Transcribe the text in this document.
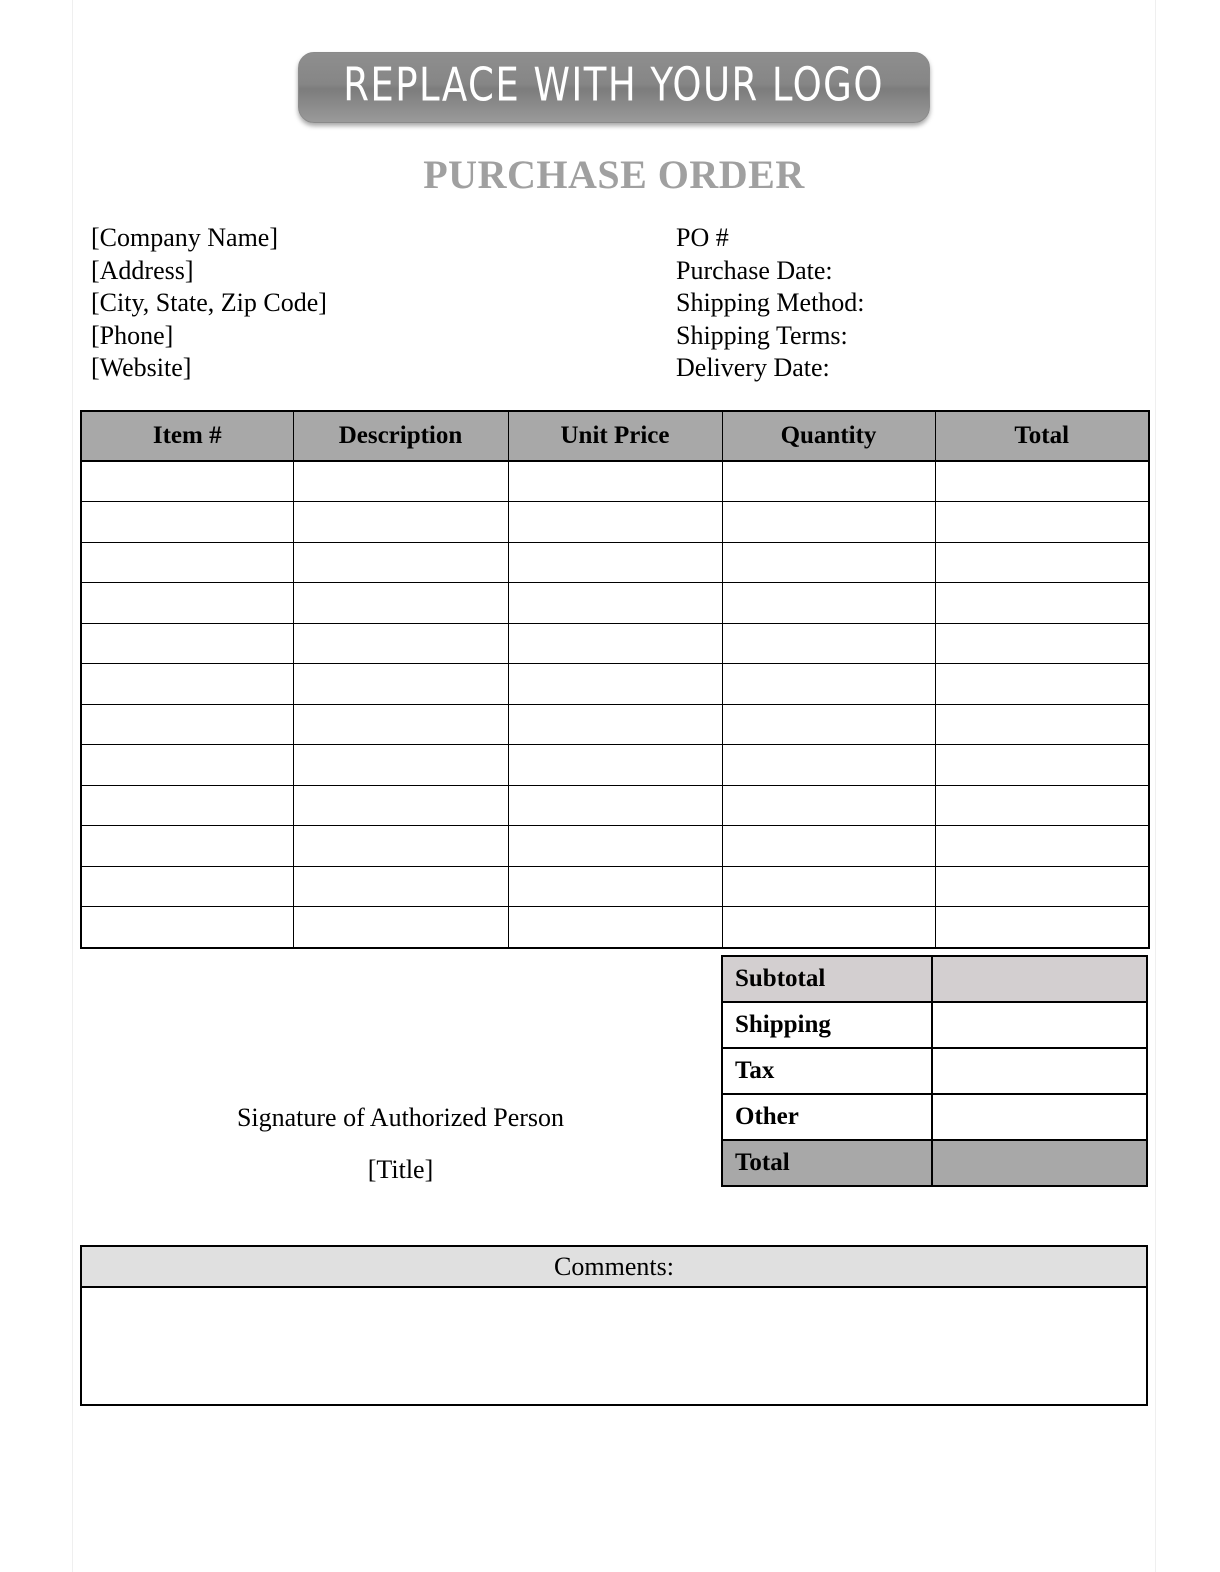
REPLACE WITH YOUR LOGO
PURCHASE ORDER
[Company Name]
[Address]
[City, State, Zip Code]
[Phone]
[Website]
PO #
Purchase Date:
Shipping Method:
Shipping Terms:
Delivery Date:
Item #	Description	Unit Price	Quantity	Total

Signature of Authorized Person
[Title]
Subtotal	
Shipping	
Tax	
Other	
Total	
Comments:
